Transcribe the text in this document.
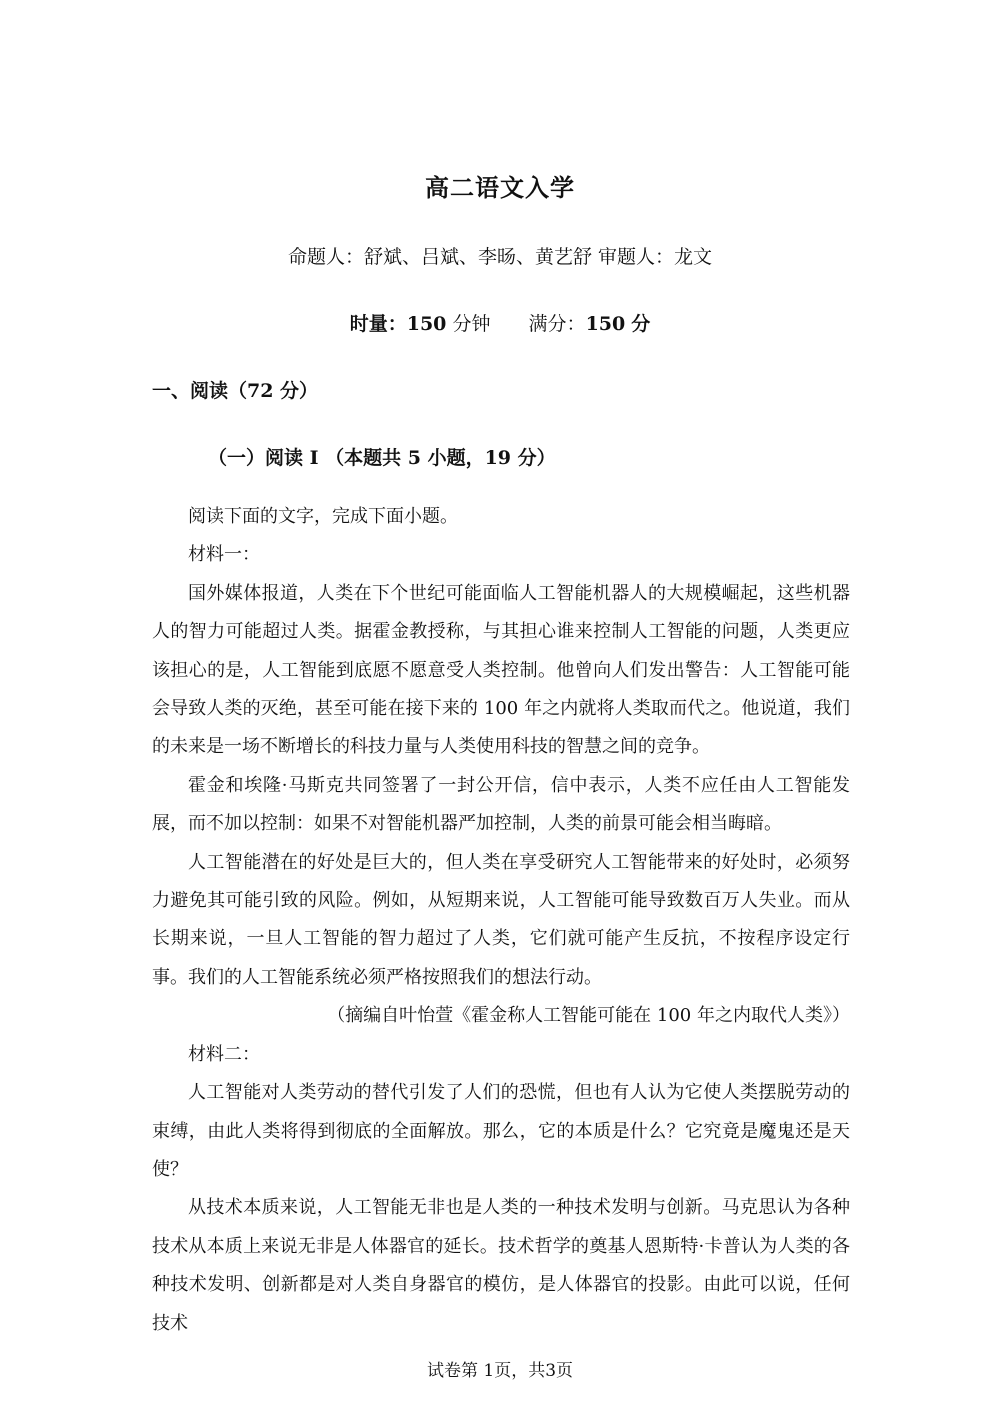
高二语文入学
命题人：舒斌、吕斌、李旸、黄艺舒 审题人：龙文
时量：150 分钟 满分：150 分
一、阅读（72 分）
（一）阅读 I （本题共 5 小题，19 分）

阅读下面的文字，完成下面小题。

材料一：

国外媒体报道，人类在下个世纪可能面临人工智能机器人的大规模崛起，这些机器人的智力可能超过人类。据霍金教授称，与其担心谁来控制人工智能的问题，人类更应该担心的是，人工智能到底愿不愿意受人类控制。他曾向人们发出警告：人工智能可能会导致人类的灭绝，甚至可能在接下来的 100 年之内就将人类取而代之。他说道，我们的未来是一场不断增长的科技力量与人类使用科技的智慧之间的竞争。

霍金和埃隆·马斯克共同签署了一封公开信，信中表示，人类不应任由人工智能发展，而不加以控制：如果不对智能机器严加控制，人类的前景可能会相当晦暗。

人工智能潜在的好处是巨大的，但人类在享受研究人工智能带来的好处时，必须努力避免其可能引致的风险。例如，从短期来说，人工智能可能导致数百万人失业。而从长期来说，一旦人工智能的智力超过了人类，它们就可能产生反抗，不按程序设定行事。我们的人工智能系统必须严格按照我们的想法行动。

（摘编自叶怡萱《霍金称人工智能可能在 100 年之内取代人类》）

材料二：

人工智能对人类劳动的替代引发了人们的恐慌，但也有人认为它使人类摆脱劳动的束缚，由此人类将得到彻底的全面解放。那么，它的本质是什么？它究竟是魔鬼还是天使？

从技术本质来说，人工智能无非也是人类的一种技术发明与创新。马克思认为各种技术从本质上来说无非是人体器官的延长。技术哲学的奠基人恩斯特·卡普认为人类的各种技术发明、创新都是对人类自身器官的模仿，是人体器官的投影。由此可以说，任何技术

试卷第 1页，共3页
